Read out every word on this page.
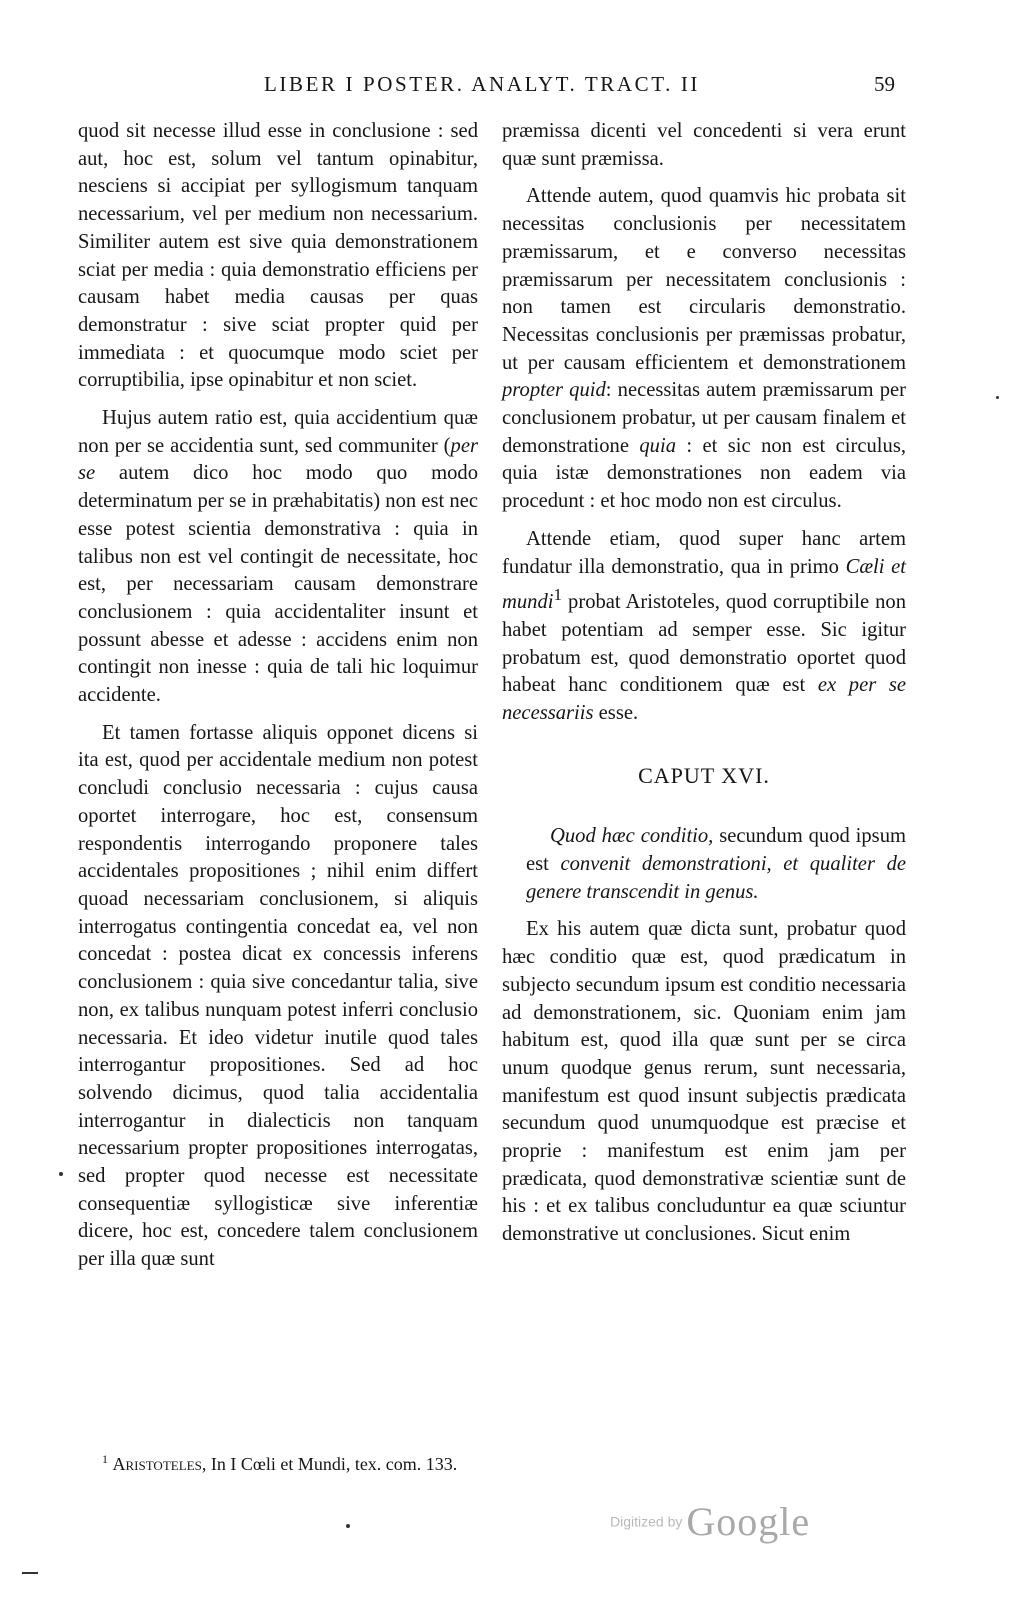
LIBER I POSTER. ANALYT. TRACT. II	59

quod sit necesse illud esse in conclusione : sed aut, hoc est, solum vel tantum opinabitur, nesciens si accipiat per syllogismum tanquam necessarium, vel per medium non necessarium. Similiter autem est sive quia demonstrationem sciat per media : quia demonstratio efficiens per causam habet media causas per quas demonstratur : sive sciat propter quid per immediata : et quocumque modo sciet per corruptibilia, ipse opinabitur et non sciet.

Hujus autem ratio est, quia accidentium quæ non per se accidentia sunt, sed communiter (per se autem dico hoc modo quo modo determinatum per se in præhabitatis) non est nec esse potest scientia demonstrativa : quia in talibus non est vel contingit de necessitate, hoc est, per necessariam causam demonstrare conclusionem : quia accidentaliter insunt et possunt abesse et adesse : accidens enim non contingit non inesse : quia de tali hic loquimur accidente.

Et tamen fortasse aliquis opponet dicens si ita est, quod per accidentale medium non potest concludi conclusio necessaria : cujus causa oportet interrogare, hoc est, consensum respondentis interrogando proponere tales accidentales propositiones ; nihil enim differt quoad necessariam conclusionem, si aliquis interrogatus contingentia concedat ea, vel non concedat : postea dicat ex concessis inferens conclusionem : quia sive concedantur talia, sive non, ex talibus nunquam potest inferri conclusio necessaria. Et ideo videtur inutile quod tales interrogantur propositiones. Sed ad hoc solvendo dicimus, quod talia accidentalia interrogantur in dialecticis non tanquam necessarium propter propositiones interrogatas, sed propter quod necesse est necessitate consequentiæ syllogisticæ sive inferentiæ dicere, hoc est, concedere talem conclusionem per illa quæ sunt

præmissa dicenti vel concedenti si vera erunt quæ sunt præmissa.

Attende autem, quod quamvis hic probata sit necessitas conclusionis per necessitatem præmissarum, et e converso necessitas præmissarum per necessitatem conclusionis : non tamen est circularis demonstratio. Necessitas conclusionis per præmissas probatur, ut per causam efficientem et demonstrationem propter quid: necessitas autem præmissarum per conclusionem probatur, ut per causam finalem et demonstratione quia : et sic non est circulus, quia istæ demonstrationes non eadem via procedunt : et hoc modo non est circulus.

Attende etiam, quod super hanc artem fundatur illa demonstratio, qua in primo Cæli et mundi$^1$ probat Aristoteles, quod corruptibile non habet potentiam ad semper esse. Sic igitur probatum est, quod demonstratio oportet quod habeat hanc conditionem quæ est ex per se necessariis esse.

CAPUT XVI.

Quod hæc conditio, secundum quod ipsum est convenit demonstrationi, et qualiter de genere transcendit in genus.

Ex his autem quæ dicta sunt, probatur quod hæc conditio quæ est, quod prædicatum in subjecto secundum ipsum est conditio necessaria ad demonstrationem, sic. Quoniam enim jam habitum est, quod illa quæ sunt per se circa unum quodque genus rerum, sunt necessaria, manifestum est quod insunt subjectis prædicata secundum quod unumquodque est præcise et proprie : manifestum est enim jam per prædicata, quod demonstrativæ scientiæ sunt de his : et ex talibus concluduntur ea quæ sciuntur demonstrative ut conclusiones. Sicut enim

$^1$ Aristoteles, In I Cœli et Mundi, tex. com. 133.
Digitized by Google
